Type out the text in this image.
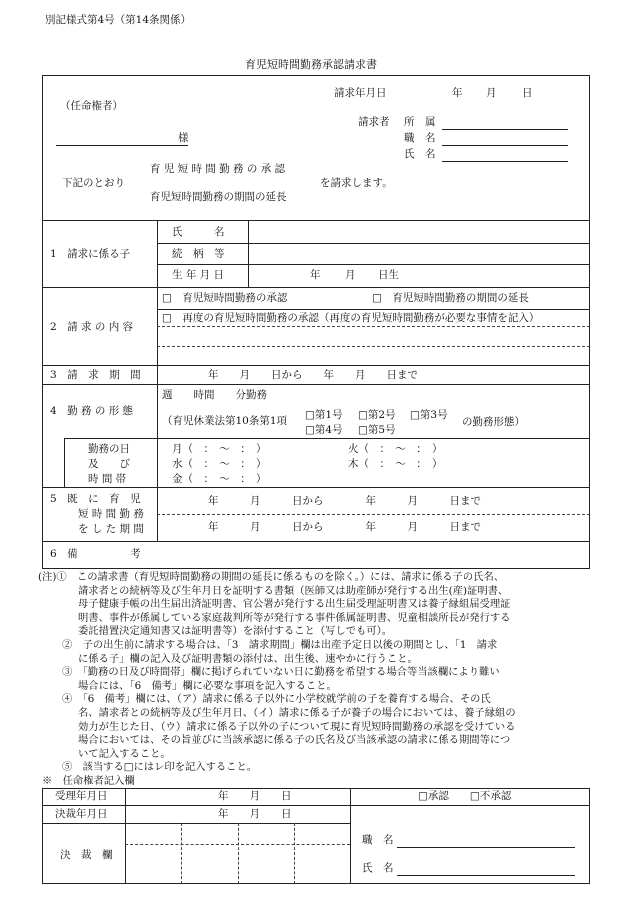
別記様式第4号（第14条関係）
育児短時間勤務承認請求書
請求年月日	年 月 日
（任命権者）
様
請求者 所　属
職　名
氏　名
下記のとおり
育 児 短 時 間 勤 務 の 承 認
育児短時間勤務の期間の延長
を請求します。
1　請求に係る子
氏　　　名
続　柄　等
生 年 月 日	年 月 日生
2　請 求 の 内 容
□　育児短時間勤務の承認	□　育児短時間勤務の期間の延長
□　再度の育児短時間勤務の承認（再度の育児短時間勤務が必要な事情を記入）
3　請　求　期　間	年　　月　　日から　　年　　月　　日まで
4　勤 務 の 形 態
週　　時間　　分勤務
（育児休業法第10条第1項 □第1号 □第2号 □第3号
□第4号 □第5号
の勤務形態）
勤務の日
及　　び
時 間 帯
月（　：　〜　：　）	火（　：　〜　：　）
水（　：　〜　：　）	木（　：　〜　：　）
金（　：　〜　：　）
5　既　に　育　児
短 時 間 勤 務
を し た 期 間
年　　　月　　　日から　　　　年　　　月　　　日まで
年　　　月　　　日から　　　　年　　　月　　　日まで
6　備　　　　　考
(注)①　この請求書（育児短時間勤務の期間の延長に係るものを除く。）には、請求に係る子の氏名、
請求者との続柄等及び生年月日を証明する書類（医師又は助産師が発行する出生(産)証明書、
母子健康手帳の出生届出済証明書、官公署が発行する出生届受理証明書又は養子縁組届受理証
明書、事件が係属している家庭裁判所等が発行する事件係属証明書、児童相談所長が発行する
委託措置決定通知書又は証明書等）を添付すること（写しでも可）。
②　子の出生前に請求する場合は、「3　請求期間」欄は出産予定日以後の期間とし、「1　請求
に係る子」欄の記入及び証明書類の添付は、出生後、速やかに行うこと。
③　「勤務の日及び時間帯」欄に掲げられていない日に勤務を希望する場合等当該欄により難い
場合には、「6　備考」欄に必要な事項を記入すること。
④　「6　備考」欄には、（ア）請求に係る子以外に小学校就学前の子を養育する場合、その氏
名、請求者との続柄等及び生年月日、（イ）請求に係る子が養子の場合においては、養子縁組の
効力が生じた日、（ウ）請求に係る子以外の子について現に育児短時間勤務の承認を受けている
場合においては、その旨並びに当該承認に係る子の氏名及び当該承認の請求に係る期間等につ
いて記入すること。
⑤　該当する□にはレ印を記入すること。
※　任命権者記入欄
受理年月日	年　　月　　日
決裁年月日	年　　月　　日
□承認　　□不承認
決　裁　欄
職　名
氏　名
